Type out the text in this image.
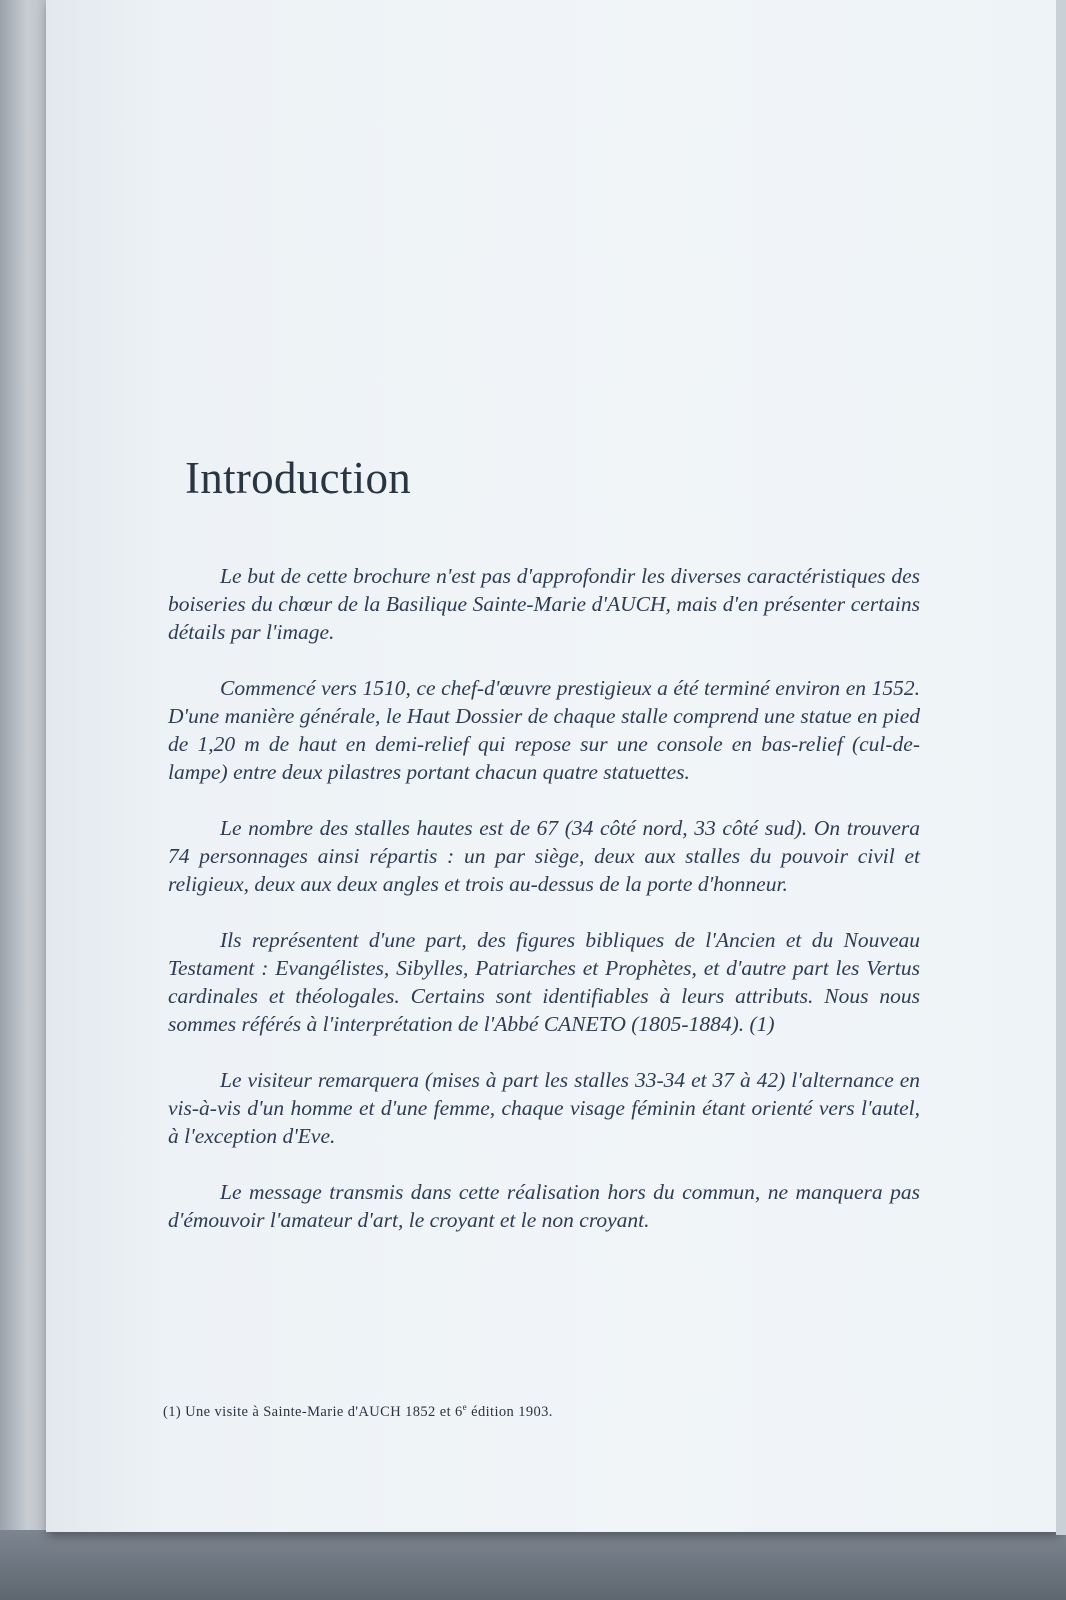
Introduction

Le but de cette brochure n'est pas d'approfondir les diverses caractéristiques des boiseries du chœur de la Basilique Sainte-Marie d'AUCH, mais d'en présenter certains détails par l'image.

Commencé vers 1510, ce chef-d'œuvre prestigieux a été terminé environ en 1552. D'une manière générale, le Haut Dossier de chaque stalle comprend une statue en pied de 1,20 m de haut en demi-relief qui repose sur une console en bas-relief (cul-de-lampe) entre deux pilastres portant chacun quatre statuettes.

Le nombre des stalles hautes est de 67 (34 côté nord, 33 côté sud). On trouvera 74 personnages ainsi répartis : un par siège, deux aux stalles du pouvoir civil et religieux, deux aux deux angles et trois au-dessus de la porte d'honneur.

Ils représentent d'une part, des figures bibliques de l'Ancien et du Nouveau Testament : Evangélistes, Sibylles, Patriarches et Prophètes, et d'autre part les Vertus cardinales et théologales. Certains sont identifiables à leurs attributs. Nous nous sommes référés à l'interprétation de l'Abbé CANETO (1805-1884). (1)

Le visiteur remarquera (mises à part les stalles 33-34 et 37 à 42) l'alternance en vis-à-vis d'un homme et d'une femme, chaque visage féminin étant orienté vers l'autel, à l'exception d'Eve.

Le message transmis dans cette réalisation hors du commun, ne manquera pas d'émouvoir l'amateur d'art, le croyant et le non croyant.

(1) Une visite à Sainte-Marie d'AUCH 1852 et 6e édition 1903.
